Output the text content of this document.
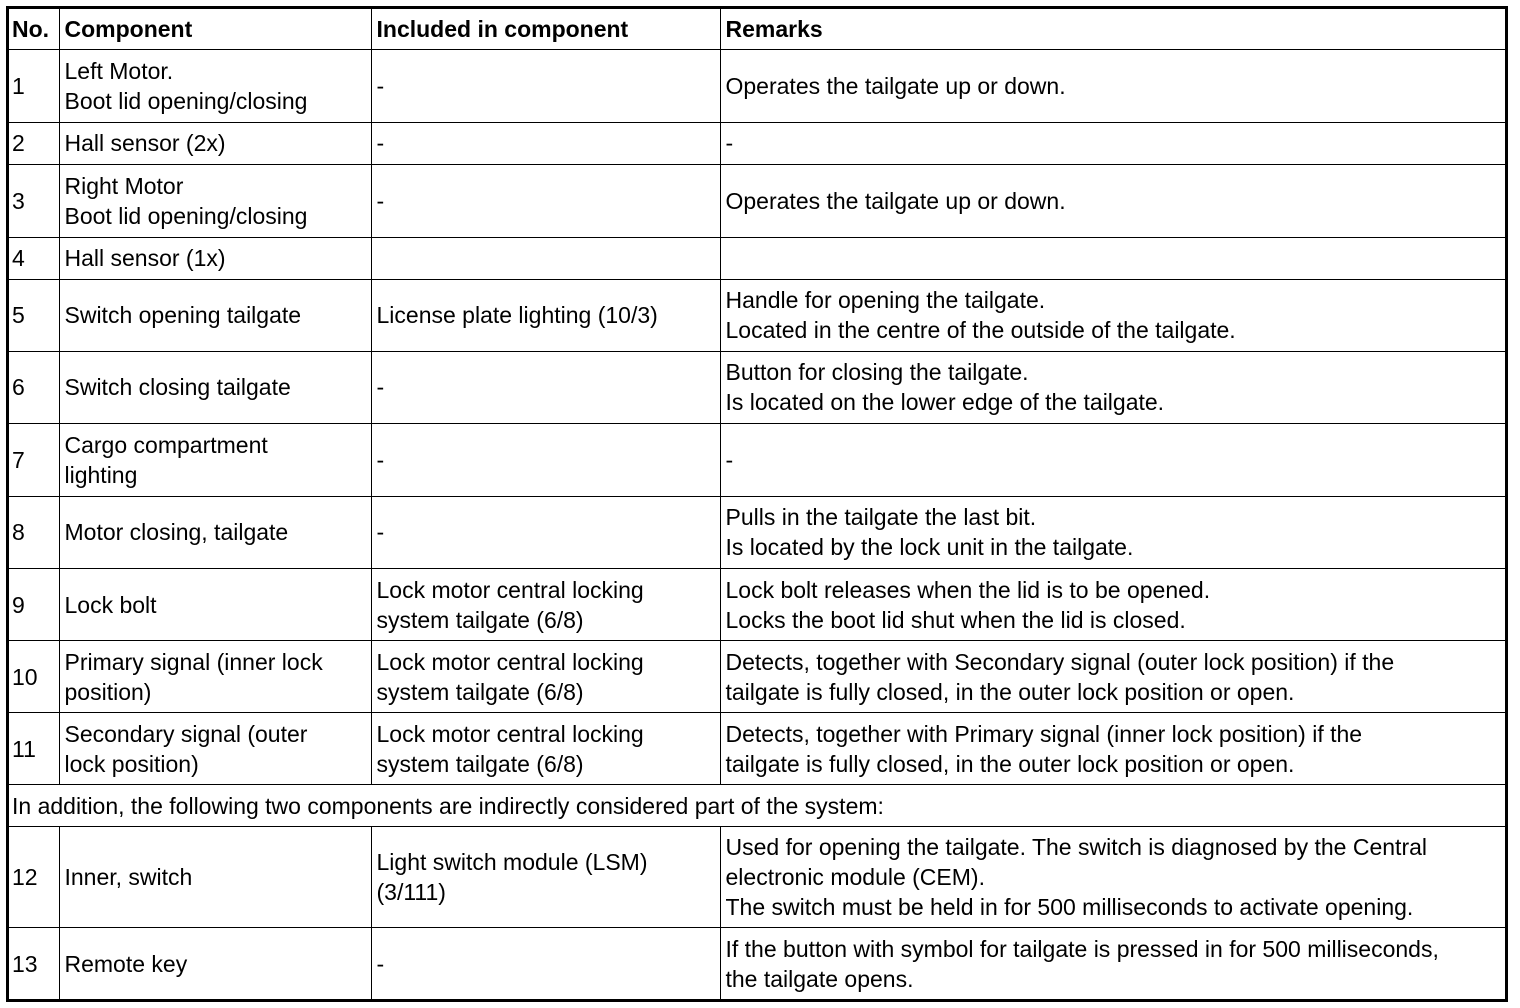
No.	Component	Included in component	Remarks
1	Left Motor.
Boot lid opening/closing	-	Operates the tailgate up or down.

2	Hall sensor (2x)	-	-

3	Right Motor
Boot lid opening/closing	-	Operates the tailgate up or down.

4	Hall sensor (1x)		

5	Switch opening tailgate	License plate lighting (10/3)	Handle for opening the tailgate.
Located in the centre of the outside of the tailgate.

6	Switch closing tailgate	-	Button for closing the tailgate.
Is located on the lower edge of the tailgate.

7	Cargo compartment
lighting	-	-

8	Motor closing, tailgate	-	Pulls in the tailgate the last bit.
Is located by the lock unit in the tailgate.

9	Lock bolt	Lock motor central locking
system tailgate (6/8)	Lock bolt releases when the lid is to be opened.
Locks the boot lid shut when the lid is closed.

10	Primary signal (inner lock
position)	Lock motor central locking
system tailgate (6/8)	Detects, together with Secondary signal (outer lock position) if the
tailgate is fully closed, in the outer lock position or open.

11	Secondary signal (outer
lock position)	Lock motor central locking
system tailgate (6/8)	Detects, together with Primary signal (inner lock position) if the
tailgate is fully closed, in the outer lock position or open.

In addition, the following two components are indirectly considered part of the system:			
12	Inner, switch	Light switch module (LSM)
(3/111)	Used for opening the tailgate. The switch is diagnosed by the Central
electronic module (CEM).
The switch must be held in for 500 milliseconds to activate opening.

13	Remote key	-	If the button with symbol for tailgate is pressed in for 500 milliseconds,
the tailgate opens.
